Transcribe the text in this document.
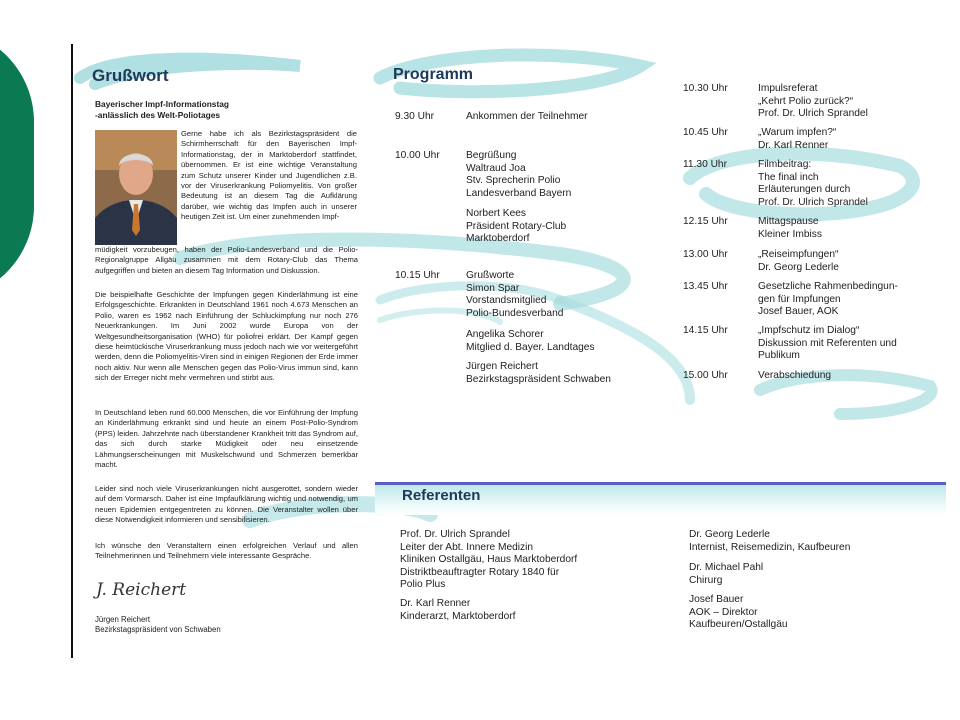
Grußwort
Bayerischer Impf-Informationstag
-anlässlich des Welt-Poliotages
Gerne habe ich als Bezirkstagspräsident die Schirmherrschaft für den Bayerischen Impf-Informationstag, der in Marktoberdorf stattfindet, übernommen. Er ist eine wichtige Veranstaltung zum Schutz unserer Kinder und Jugendlichen z.B. vor der Viruserkrankung Poliomyelitis. Von großer Bedeutung ist an diesem Tag die Aufklärung darüber, wie wichtig das Impfen auch in unserer heutigen Zeit ist. Um einer zunehmenden Impf-
müdigkeit vorzubeugen, haben der Polio-Landesverband und die Polio-Regionalgruppe Allgäu zusammen mit dem Rotary-Club das Thema aufgegriffen und bieten an diesem Tag Information und Diskussion.
Die beispielhafte Geschichte der Impfungen gegen Kinderlähmung ist eine Erfolgsgeschichte. Erkrankten in Deutschland 1961 noch 4.673 Menschen an Polio, waren es 1962 nach Einführung der Schluckimpfung nur noch 276 Neuerkrankungen. Im Juni 2002 wurde Europa von der Weltgesundheitsorganisation (WHO) für poliofrei erklärt. Der Kampf gegen diese heimtückische Viruserkrankung muss jedoch nach wie vor weitergeführt werden, denn die Poliomyelitis-Viren sind in einigen Regionen der Erde immer noch aktiv. Nur wenn alle Menschen gegen das Polio-Virus immun sind, kann sich der Erreger nicht mehr vermehren und stirbt aus.
In Deutschland leben rund 60.000 Menschen, die vor Einführung der Impfung an Kinderlähmung erkrankt sind und heute an einem Post-Polio-Syndrom (PPS) leiden. Jahrzehnte nach überstandener Krankheit tritt das Syndrom auf, das sich durch starke Müdigkeit oder neu einsetzende Lähmungserscheinungen mit Muskelschwund und Schmerzen bemerkbar macht.
Leider sind noch viele Viruserkrankungen nicht ausgerottet, sondern wieder auf dem Vormarsch. Daher ist eine Impfaufklärung wichtig und notwendig, um neuen Epidemien entgegentreten zu können. Die Veranstalter wollen über diese Notwendigkeit informieren und sensibilisieren.
Ich wünsche den Veranstaltern einen erfolgreichen Verlauf und allen Teilnehmerinnen und Teilnehmern viele interessante Gespräche.
J. Reichert
Jürgen Reichert
Bezirkstagspräsident von Schwaben
Programm
9.30 Uhr	Ankommen der Teilnehmer
10.00 Uhr	Begrüßung
Waltraud Joa
Stv. Sprecherin Polio
Landesverband Bayern
Norbert Kees
Präsident Rotary-Club
Marktoberdorf
10.15 Uhr	Grußworte
Simon Spar
Vorstandsmitglied
Polio-Bundesverband
Angelika Schorer
Mitglied d. Bayer. Landtages
Jürgen Reichert
Bezirkstagspräsident Schwaben
10.30 Uhr	Impulsreferat
„Kehrt Polio zurück?“
Prof. Dr. Ulrich Sprandel
10.45 Uhr	„Warum impfen?“
Dr. Karl Renner
11.30 Uhr	Filmbeitrag:
The final inch
Erläuterungen durch
Prof. Dr. Ulrich Sprandel
12.15 Uhr	Mittagspause
Kleiner Imbiss
13.00 Uhr	„Reiseimpfungen“
Dr. Georg Lederle
13.45 Uhr	Gesetzliche Rahmenbedingun-
gen für Impfungen
Josef Bauer, AOK
14.15 Uhr	„Impfschutz im Dialog“
Diskussion mit Referenten und
Publikum
15.00 Uhr	Verabschiedung
Referenten
Prof. Dr. Ulrich Sprandel
Leiter der Abt. Innere Medizin
Kliniken Ostallgäu, Haus Marktoberdorf
Distriktbeauftragter Rotary 1840 für
Polio Plus
Dr. Karl Renner
Kinderarzt, Marktoberdorf
Dr. Georg Lederle
Internist, Reisemedizin, Kaufbeuren
Dr. Michael Pahl
Chirurg
Josef Bauer
AOK – Direktor
Kaufbeuren/Ostallgäu
